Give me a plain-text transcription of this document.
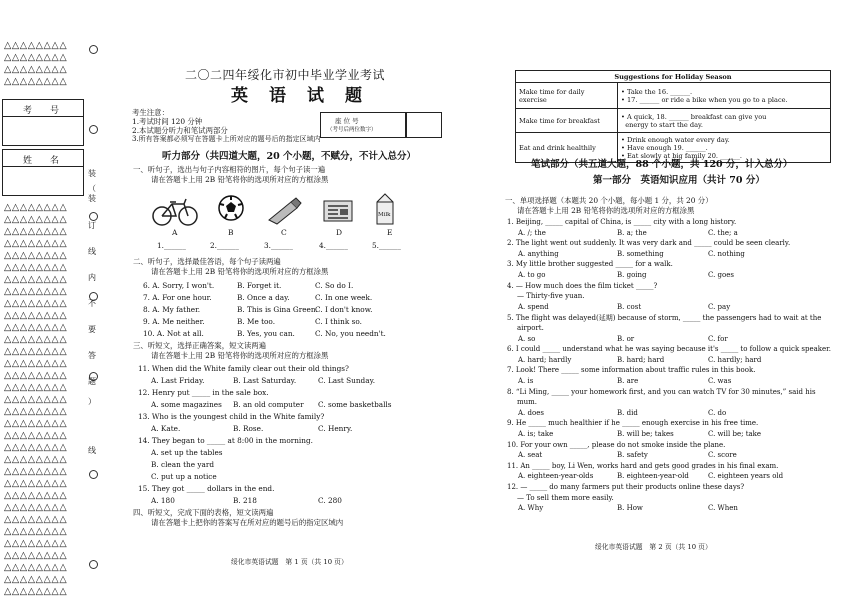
△△△△△△△△
△△△△△△△△
△△△△△△△△
△△△△△△△△
考　　号
姓　　名
△△△△△△△△
△△△△△△△△
△△△△△△△△
△△△△△△△△
△△△△△△△△
△△△△△△△△
△△△△△△△△
△△△△△△△△
△△△△△△△△
△△△△△△△△
△△△△△△△△
△△△△△△△△
△△△△△△△△
△△△△△△△△
△△△△△△△△
△△△△△△△△
△△△△△△△△
△△△△△△△△
△△△△△△△△
△△△△△△△△
△△△△△△△△
△△△△△△△△
△△△△△△△△
△△△△△△△△
△△△△△△△△
△△△△△△△△
△△△△△△△△
△△△△△△△△
△△△△△△△△
△△△△△△△△
△△△△△△△△
△△△△△△△△
△△△△△△△△
装
（
装
订
线
内
不
要
答
题
）
线
二〇二四年绥化市初中毕业学业考试
英　语　试　题
考生注意：
1.考试时间 120 分钟
2.本试题分听力和笔试两部分
3.所有答案都必须写在答题卡上所对应的题号后的指定区域内
座 位 号
（考号后两位数字）
听力部分（共四道大题，20 个小题，不赋分，不计入总分）
一、听句子，选出与句子内容相符的图片，每个句子读一遍
请在答题卡上用 2B 铅笔将你的选项所对应的方框涂黑
Milk
A	B	C	D	E
1.______	2.______	3.______	4.______	5.______
二、听句子，选择最佳答语，每个句子读两遍
请在答题卡上用 2B 铅笔将你的选项所对应的方框涂黑
6. A. Sorry, I won't.	B. Forget it.	C. So do I.
7. A. For one hour.	B. Once a day.	C. In one week.
8. A. My father.	B. This is Gina Green.
C. I don't know.
9. A. Me neither.	B. Me too.	C. I think so.
10. A. Not at all.	B. Yes, you can.	C. No, you needn't.
三、听短文，选择正确答案，短文读两遍
请在答题卡上用 2B 铅笔将你的选项所对应的方框涂黑
11. When did the White family clear out their old things?
A. Last Friday.	B. Last Saturday.	C. Last Sunday.
12. Henry put _____ in the sale box.
A. some magazines B. an old computer C. some basketballs
13. Who is the youngest child in the White family?
A. Kate.	B. Rose.	C. Henry.
14. They began to _____ at 8:00 in the morning.
A. set up the tables
B. clean the yard
C. put up a notice
15. They got _____ dollars in the end.
A. 180	B. 218	C. 280
四、听短文，完成下面的表格，短文读两遍
请在答题卡上把你的答案写在所对应的题号后的指定区域内
绥化市英语试题　第 1 页（共 10 页）
Suggestions for Holiday Season	
Make time for daily exercise	• Take the 16. ______.
• 17. ______ or ride a bike when you go to a place.

Make time for breakfast	• A quick, 18. ______ breakfast can give you
energy to start the day.

Eat and drink healthily	• Drink enough water every day.
• Have enough 19. ______.
• Eat slowly at big family 20. ______.
笔试部分（共五道大题，88 个小题，共 120 分，计入总分）
第一部分　英语知识应用（共计 70 分）
一、单项选择题（本题共 20 个小题，每小题 1 分，共 20 分）
请在答题卡上用 2B 铅笔将你的选项所对应的方框涂黑
1. Beijing, _____ capital of China, is _____ city with a long history.
A. /; the	B. a; the	C. the; a
2. The light went out suddenly. It was very dark and _____ could be seen clearly.
A. anything	B. something	C. nothing
3. My little brother suggested _____ for a walk.
A. to go	B. going	C. goes
4. — How much does the film ticket _____?
— Thirty-five yuan.
A. spend	B. cost	C. pay
5. The flight was delayed(延期) because of storm, _____ the passengers had to wait at the
airport.
A. so	B. or	C. for
6. I could _____ understand what he was saying because it's _____ to follow a quick speaker.
A. hard; hardly	B. hard; hard	C. hardly; hard
7. Look! There _____ some information about traffic rules in this book.
A. is	B. are	C. was
8. “Li Ming, _____ your homework first, and you can watch TV for 30 minutes,” said his
mum.
A. does	B. did	C. do
9. He _____ much healthier if he _____ enough exercise in his free time.
A. is; take	B. will be; takes	C. will be; take
10. For your own _____, please do not smoke inside the plane.
A. seat	B. safety	C. score
11. An _____ boy, Li Wen, works hard and gets good grades in his final exam.
A. eighteen-year-olds	B. eighteen-year-old	C. eighteen years old
12. — _____ do many farmers put their products online these days?
— To sell them more easily.
A. Why	B. How	C. When
绥化市英语试题　第 2 页（共 10 页）
